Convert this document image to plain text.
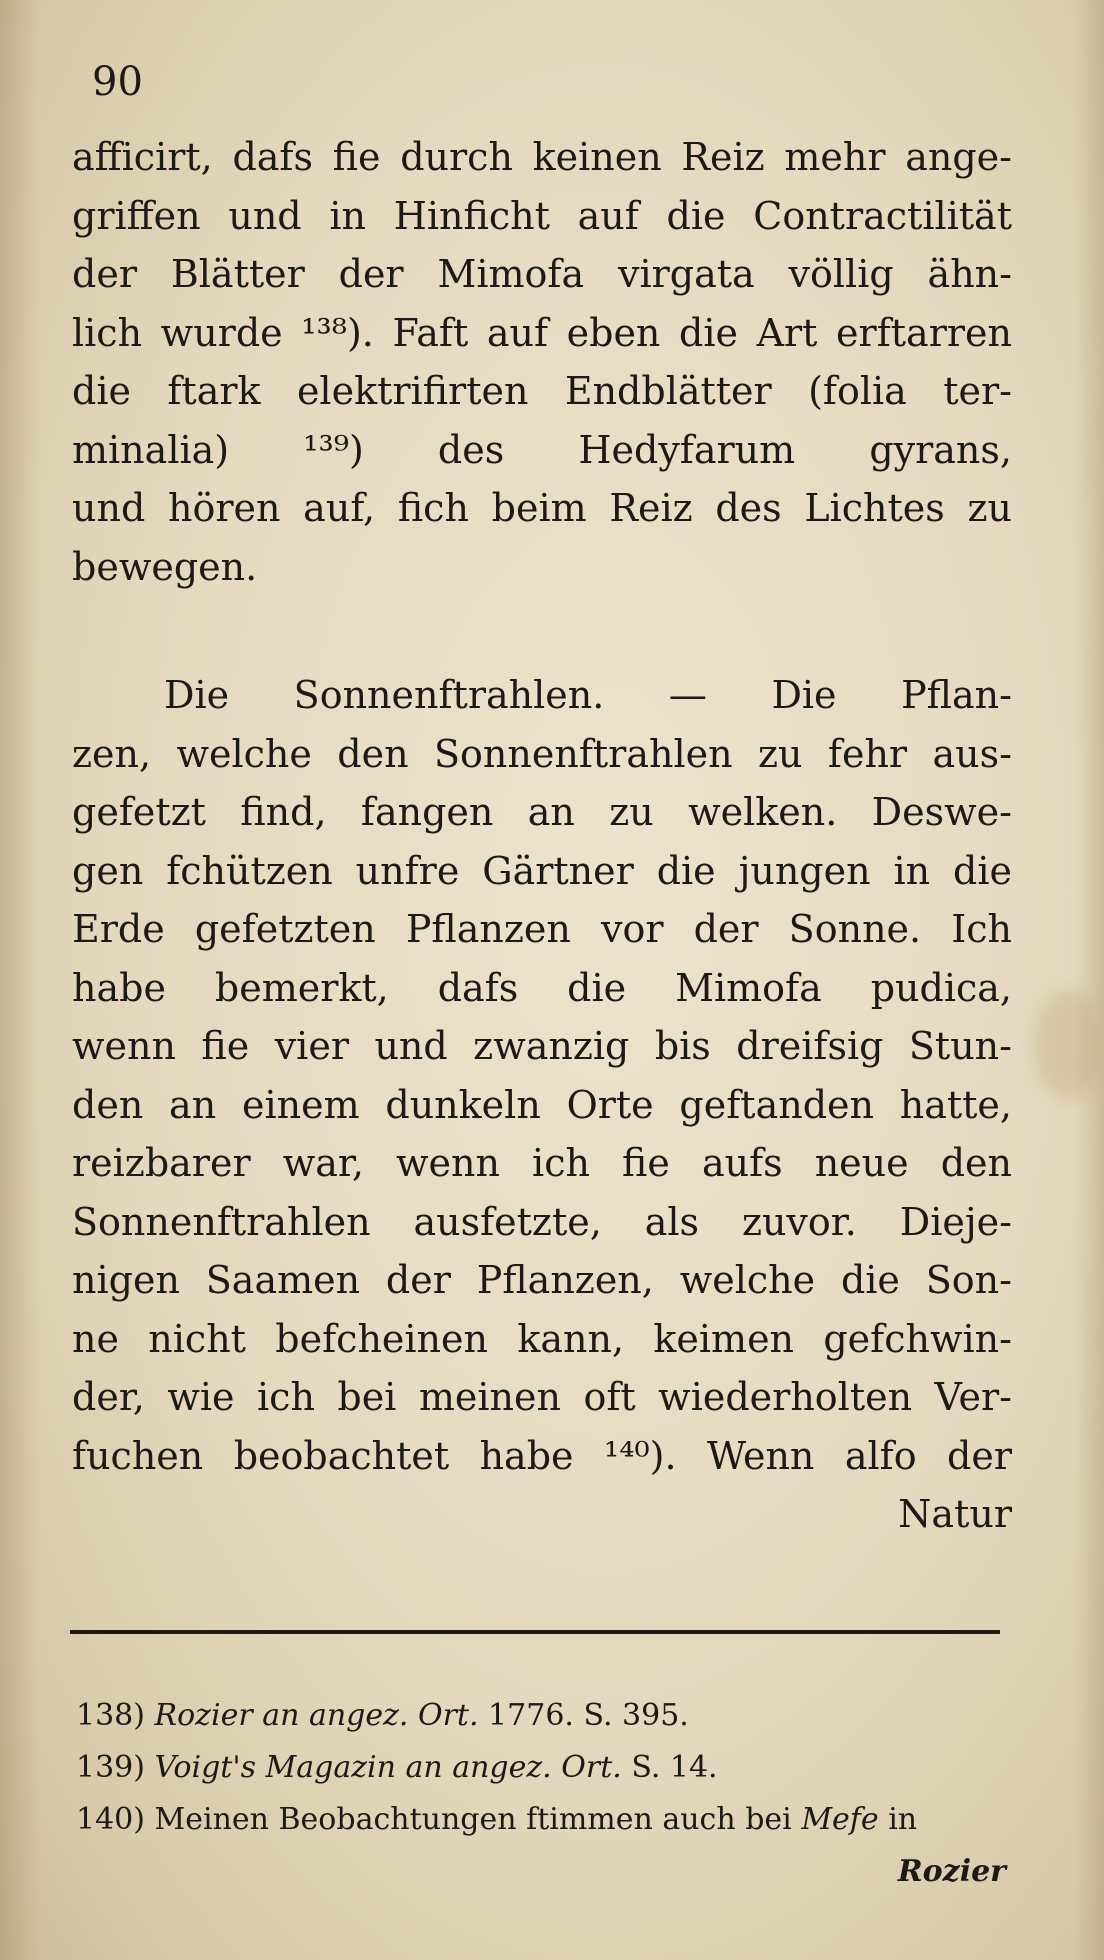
90
afficirt, dafs fie durch keinen Reiz mehr ange-
griffen und in Hinficht auf die Contractilität
der Blätter der Mimofa virgata völlig ähn-
lich wurde ¹³⁸). Faft auf eben die Art erftarren
die ftark elektrifirten Endblätter (folia ter-
minalia) ¹³⁹) des Hedyfarum gyrans,
und hören auf, fich beim Reiz des Lichtes zu
bewegen.
Die Sonnenftrahlen. — Die Pflan-
zen, welche den Sonnenftrahlen zu fehr aus-
gefetzt find, fangen an zu welken. Deswe-
gen fchützen unfre Gärtner die jungen in die
Erde gefetzten Pflanzen vor der Sonne. Ich
habe bemerkt, dafs die Mimofa pudica,
wenn fie vier und zwanzig bis dreifsig Stun-
den an einem dunkeln Orte geftanden hatte,
reizbarer war, wenn ich fie aufs neue den
Sonnenftrahlen ausfetzte, als zuvor. Dieje-
nigen Saamen der Pflanzen, welche die Son-
ne nicht befcheinen kann, keimen gefchwin-
der, wie ich bei meinen oft wiederholten Ver-
fuchen beobachtet habe ¹⁴⁰). Wenn alfo der
Natur
138) Rozier an angez. Ort. 1776. S. 395.
139) Voigt's Magazin an angez. Ort. S. 14.
140) Meinen Beobachtungen ftimmen auch bei Mefe in
Rozier
